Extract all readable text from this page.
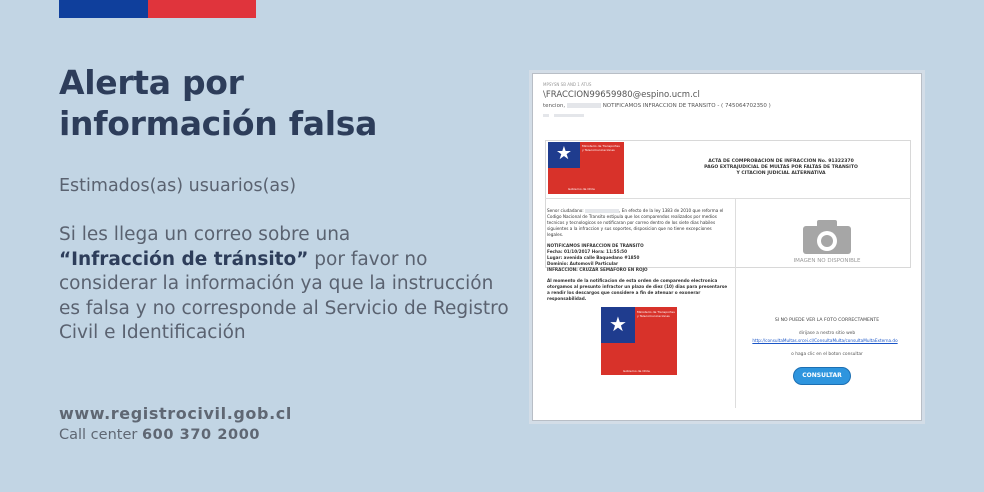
Alerta por
información falsa
Estimados(as) usuarios(as)
Si les llega un correo sobre una
“Infracción de tránsito” por favor no considerar la información ya que la instrucción es falsa y no corresponde al Servicio de Registro Civil e Identificación
www.registrocivil.gob.cl
Call center 600 370 2000
MPSYSN SB AND 1 ATUS
\FRACCION99659980@espino.ucm.cl
tencion,	NOTIFICAMOS INFRACCION DE TRANSITO - ( 745064702350 )

★	Ministerio de Transportes y Telecomunicaciones
Gobierno de Chile
ACTA DE COMPROBACION DE INFRACCION No. 91322370
PAGO EXTRAJUDICIAL DE MULTAS POR FALTAS DE TRANSITO
Y CITACION JUDICIAL ALTERNATIVA

Senor ciudadano:	, En efecto de la ley 1383 de 2010 que reforma el Codigo Nacional de Transito estipula que los comparendos realizados por medios tecnicos y tecnologicos se notificaran por correo dentro de los siete dias habiles siguientes a la infraccion y sus soportes, disposicion que no tiene excepciones legales.

NOTIFICAMOS INFRACCION DE TRANSITO
Fecha: 01/10/2017 Hora: 11:55:50
Lugar: avenida calle Baquedano #1850
Dominio: Automovil Particular
INFRACCION: CRUZAR SEMAFORO EN ROJO

Al momento de la notificacion de esta orden de comparendo electronica otorgamos al presunto infractor un plazo de diez (10) dias para presentarse a rendir los descargos que considere a fin de atenuar o exonerar responsabilidad.

★	Ministerio de Transportes y Telecomunicaciones
Gobierno de Chile
IMAGEN NO DISPONIBLE
SI NO PUEDE VER LA FOTO CORRECTAMENTE
dirijase a nestro sitio web
http://consultaMultas.srcei.cl/ConsultaMulta/consultaMultaExterna.do
o haga clic en el boton consultar
CONSULTAR
